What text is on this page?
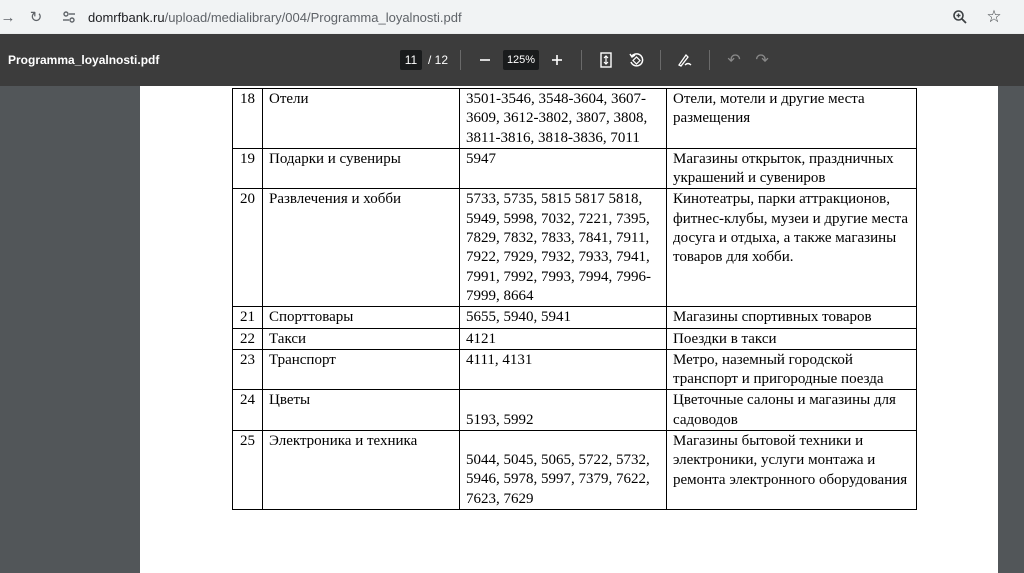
→ ↻	domrfbank.ru/upload/medialibrary/004/Programma_loyalnosti.pdf	☆
Programma_loyalnosti.pdf	11 / 12	125%	↶ ↷
18	Отели	3501-3546, 3548-3604, 3607-3609, 3612-3802, 3807, 3808, 3811-3816, 3818-3836, 7011	Отели, мотели и другие места размещения
19	Подарки и сувениры	5947	Магазины открыток, праздничных украшений и сувениров
20	Развлечения и хобби	5733, 5735, 5815 5817 5818, 5949, 5998, 7032, 7221, 7395, 7829, 7832, 7833, 7841, 7911, 7922, 7929, 7932, 7933, 7941, 7991, 7992, 7993, 7994, 7996-7999, 8664	Кинотеатры, парки аттракционов, фитнес-клубы, музеи и другие места досуга и отдыха, а также магазины товаров для хобби.
21	Спорттовары	5655, 5940, 5941	Магазины спортивных товаров
22	Такси	4121	Поездки в такси
23	Транспорт	4111, 4131	Метро, наземный городской транспорт и пригородные поезда
24	Цветы	5193, 5992	Цветочные салоны и магазины для садоводов
25	Электроника и техника	5044, 5045, 5065, 5722, 5732, 5946, 5978, 5997, 7379, 7622, 7623, 7629	Магазины бытовой техники и электроники, услуги монтажа и ремонта электронного оборудования
